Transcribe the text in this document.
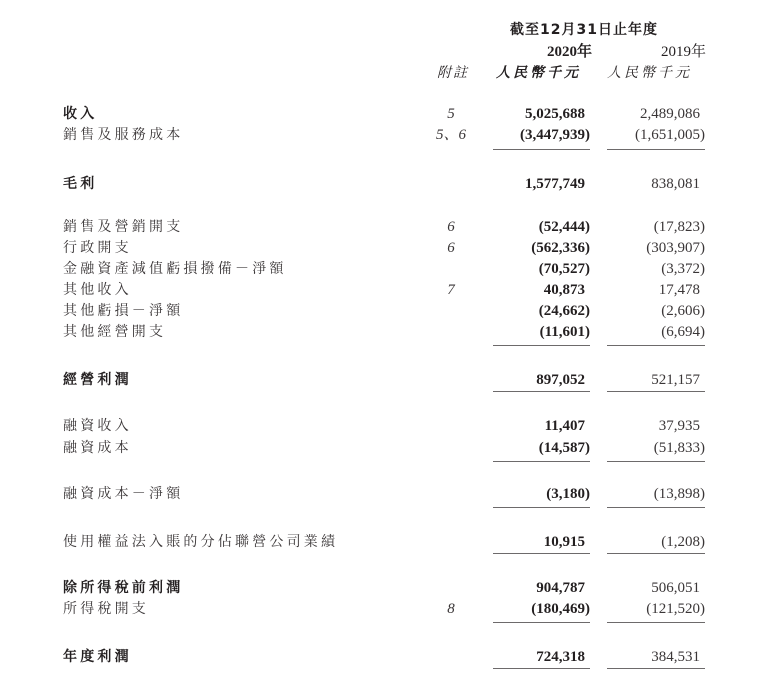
截至12月31日止年度
2020年	2019年
附註 人民幣千元 人民幣千元
收入	5	5,025,688	2,489,086
銷售及服務成本	5、6	(3,447,939)	(1,651,005)
毛利	1,577,749	838,081
銷售及營銷開支	6	(52,444)	(17,823)
行政開支	6	(562,336)	(303,907)
金融資產減值虧損撥備－淨額	(70,527)	(3,372)
其他收入	7	40,873	17,478
其他虧損－淨額	(24,662)	(2,606)
其他經營開支	(11,601)	(6,694)
經營利潤	897,052	521,157
融資收入	11,407	37,935
融資成本	(14,587)	(51,833)
融資成本－淨額	(3,180)	(13,898)
使用權益法入賬的分佔聯營公司業績	10,915	(1,208)
除所得稅前利潤	904,787	506,051
所得稅開支	8	(180,469)	(121,520)
年度利潤	724,318	384,531
